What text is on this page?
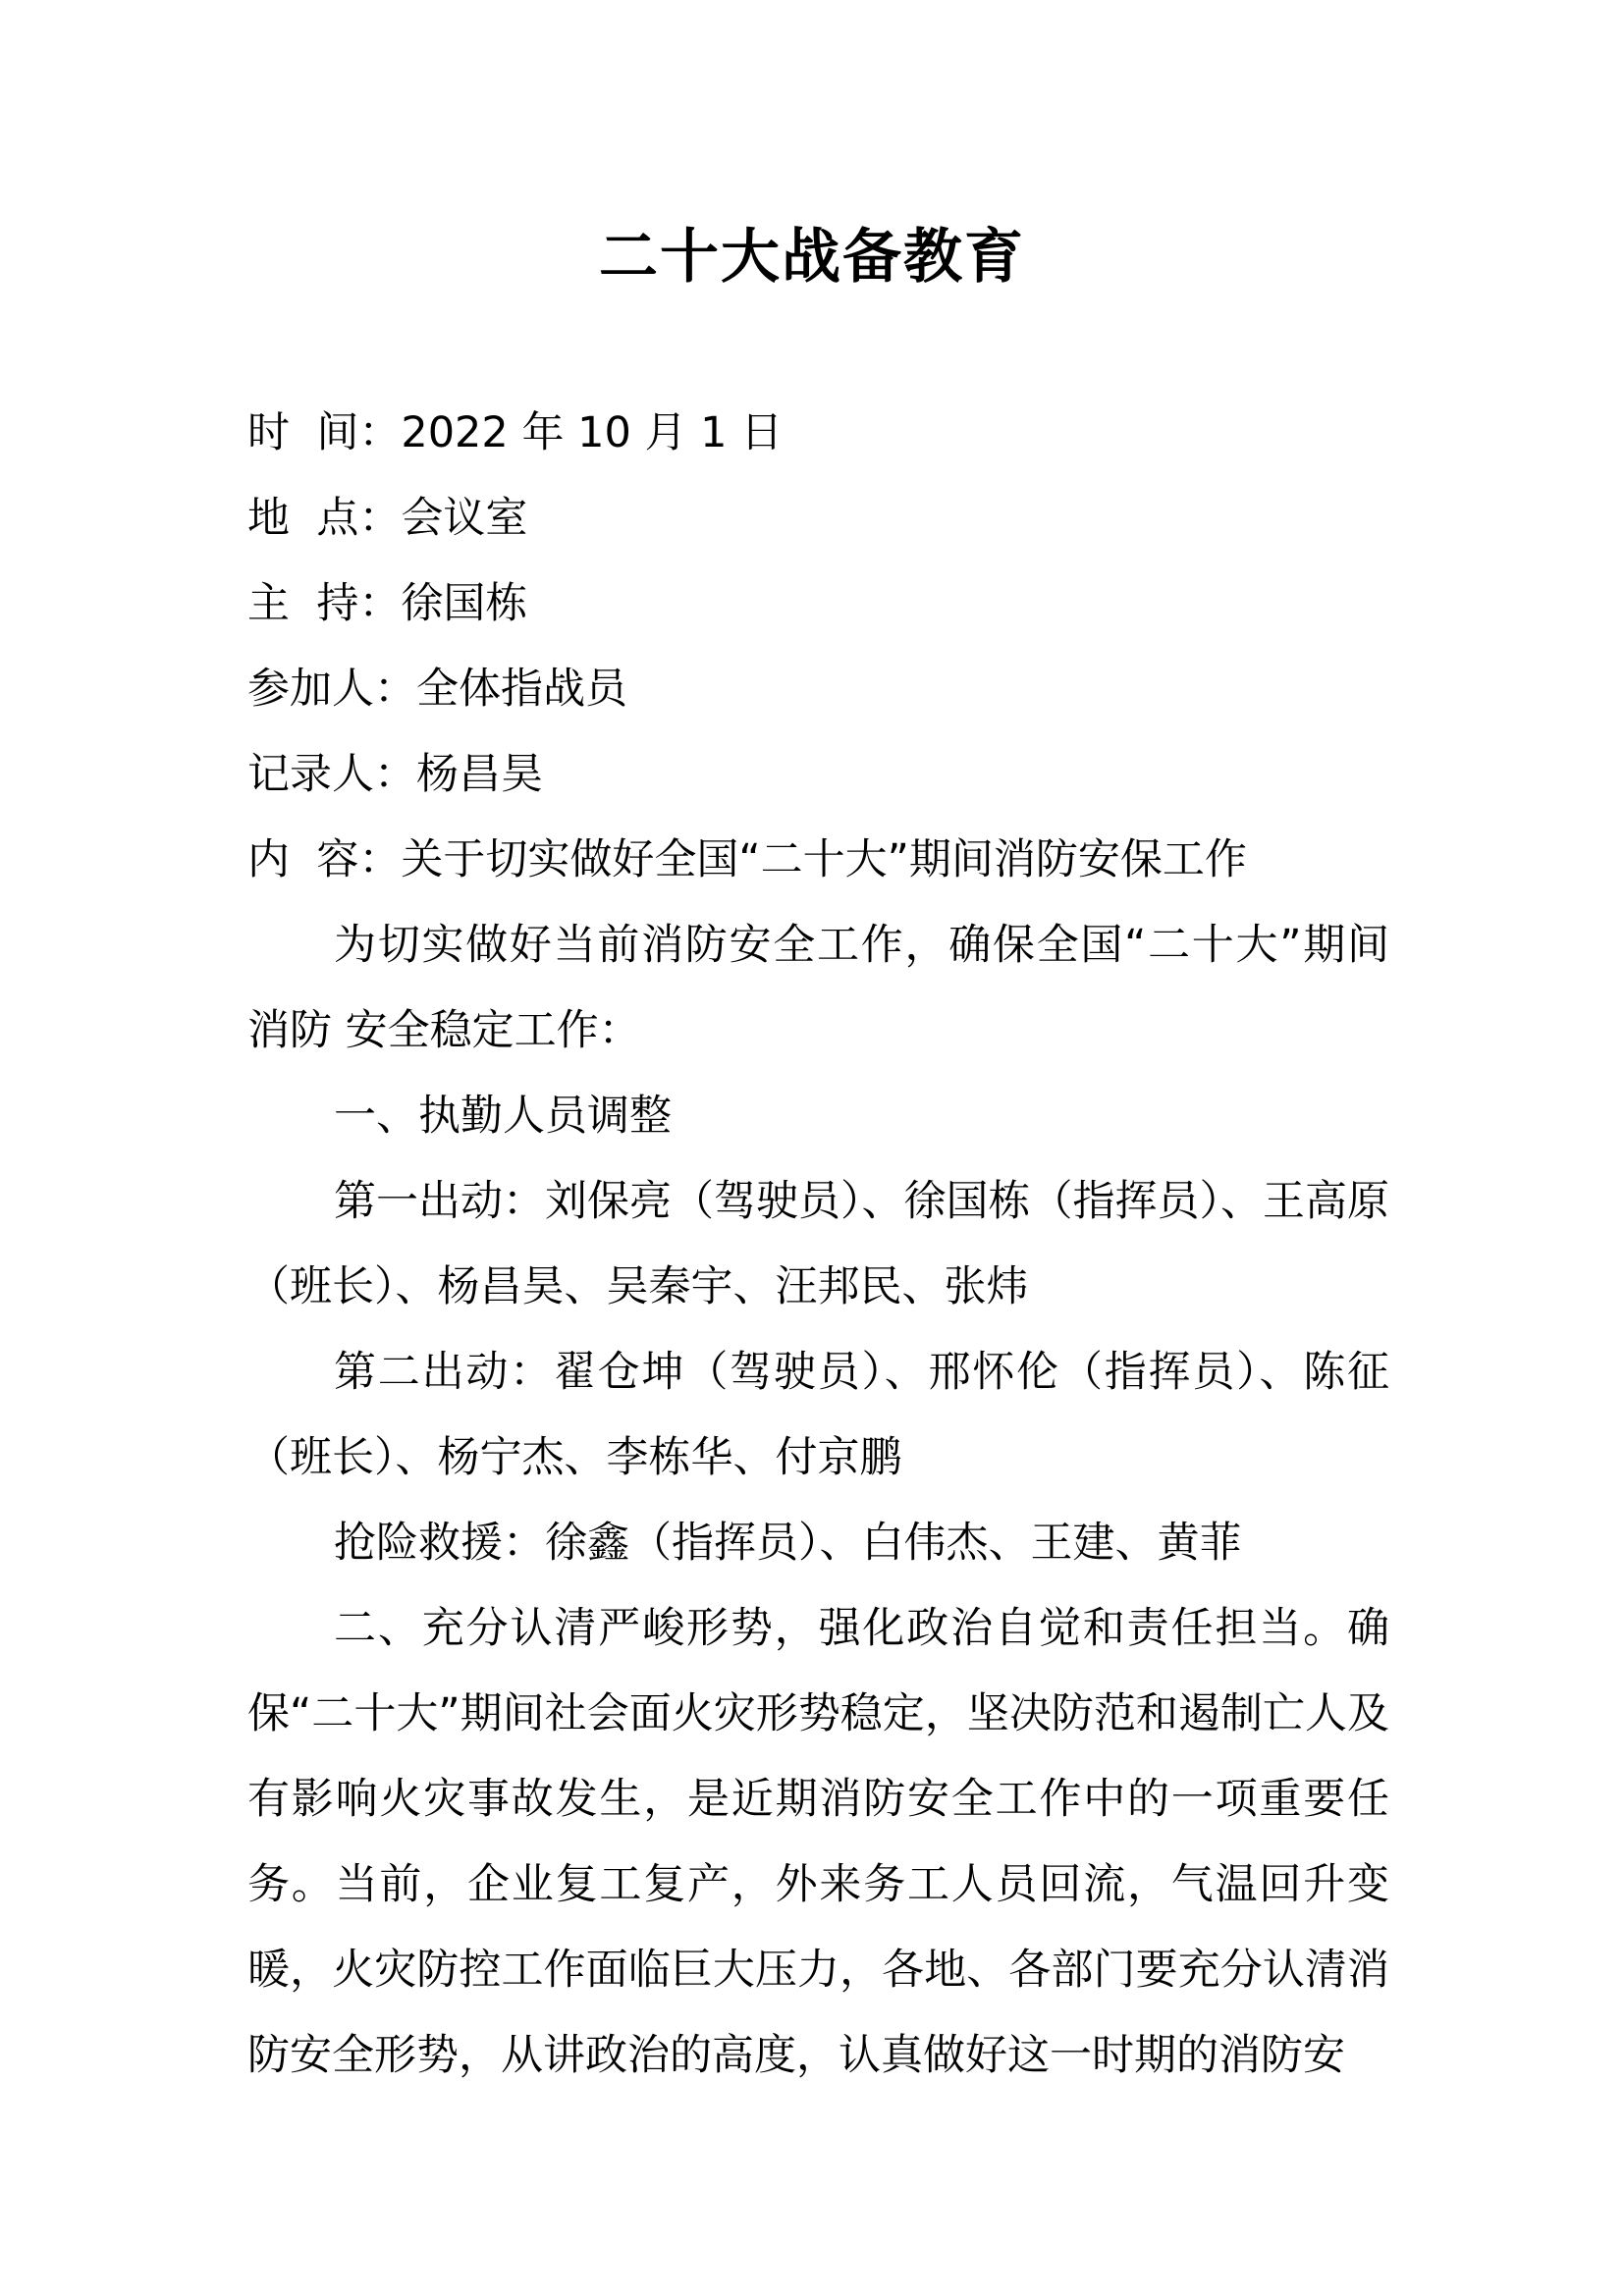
二十大战备教育
时  间：2022 年 10 月 1 日
地  点：会议室
主  持：徐国栋
参加人：全体指战员
记录人：杨昌昊
内  容：关于切实做好全国“二十大”期间消防安保工作
为切实做好当前消防安全工作，确保全国“二十大”期间消防 安全稳定工作：
一、执勤人员调整
第一出动：刘保亮（驾驶员）、徐国栋（指挥员）、王高原（班长）、杨昌昊、吴秦宇、汪邦民、张炜
第二出动：翟仓坤（驾驶员）、邢怀伦（指挥员）、陈征（班长）、杨宁杰、李栋华、付京鹏
抢险救援：徐鑫（指挥员）、白伟杰、王建、黄菲
二、充分认清严峻形势，强化政治自觉和责任担当。确保“二十大”期间社会面火灾形势稳定，坚决防范和遏制亡人及有影响火灾事故发生，是近期消防安全工作中的一项重要任务。当前，企业复工复产，外来务工人员回流，气温回升变暖，火灾防控工作面临巨大压力，各地、各部门要充分认清消防安全形势，从讲政治的高度，认真做好这一时期的消防安
